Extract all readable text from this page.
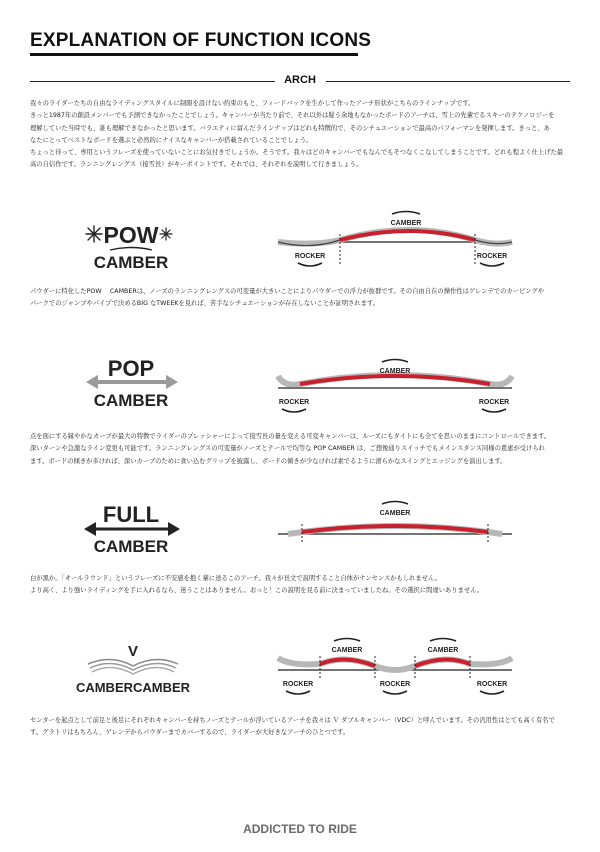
EXPLANATION OF FUNCTION ICONS
ARCH
我々のライダーたちの自由なライディングスタイルに制限を設けない約束のもと、フィードバックを生かして作ったアーチ形状がこちらのラインナップです。
きっと1987年の創設メンバーでも予測できなかったことでしょう。キャンバーが当たり前で、それ以外は疑う余地もなかったボードのアーチは、雪上の先輩でるスキーのテクノロジーを
理解していた当時でも、誰も理解できなかったと思います。バラエティに富んだラインナップはどれも特徴的で、そのシチュエーションで最高のパフォーマンを発揮します。きっと、あ
なたにとってベストなボードを選ぶと必然的にナイスなキャンバーが搭載されていることでしょう。
ちょっと待って、専用というフレーズを使っていないことにお気付きでしょうか。そうです。我々はどのキャンバーでもなんでもそつなくこなしてしまうことです。どれも程よく仕上げた最
高の自信作です。ランニングレングス（接雪長）がキーポイントです。それでは、それぞれを説明して行きましょう。
POW
CAMBER
CAMBER
ROCKER	ROCKER
パウダーに特化したPOW　 CAMBERは、ノーズのランニングレングスの可変量が大きいことによりパウダーでの浮力が抜群です。その自由自在の操作性はゲレンデでのカービングや
パークでのジャンプやパイプで決めるBIG なTWEEKを見れば、苦手なシチュエーションが存在しないことが証明されます。
POP
CAMBER
CAMBER
ROCKER	ROCKER
点を面にする縁やかなカーブが最大の特徴でライダーのプレッシャーによって接雪長の量を変える可変キャンバーは、ルーズにもタイトにも全てを思いのままにコントロールできます。
深いターンや急激なライン変更も可能です。ランニングレングスの可変量がノーズとテールで均等な POP CAMBER は、ご想像通りスイッチでもメインスタンス同様の恩恵が受けられ
ます。ボードの傾きが多ければ、深いカーブのために食い込むグリップを披露し、ボードの傾きが少なければ素でるように滑らかなスイングとエッジングを演出します。
FULL
CAMBER
CAMBER
白が黒か。「オールラウンド」というフレーズに不安感を抱く輩に送るこのアーチ。我々が長文で説明すること自体がナンセンスかもしれません。
より高く、より強いライディングを手に入れるなら、迷うことはありません。おっと！この説明を見る前に決まっていましたね。その選択に間違いありません。
V
CAMBERCAMBER
CAMBER	CAMBER
ROCKER	ROCKER	ROCKER
センターを起点として前足と後足にそれぞれキャンバーを持ちノーズとテールが浮いているアーチを我々は Ｖ ダブルキャンバー（VDC）と呼んでいます。その汎用性はとても高く有名で
す。グラトリはもちろん、ゲレンデからパウダーまでカバーするので、ライダーが大好きなアーチのひとつです。
ADDICTED TO RIDE
